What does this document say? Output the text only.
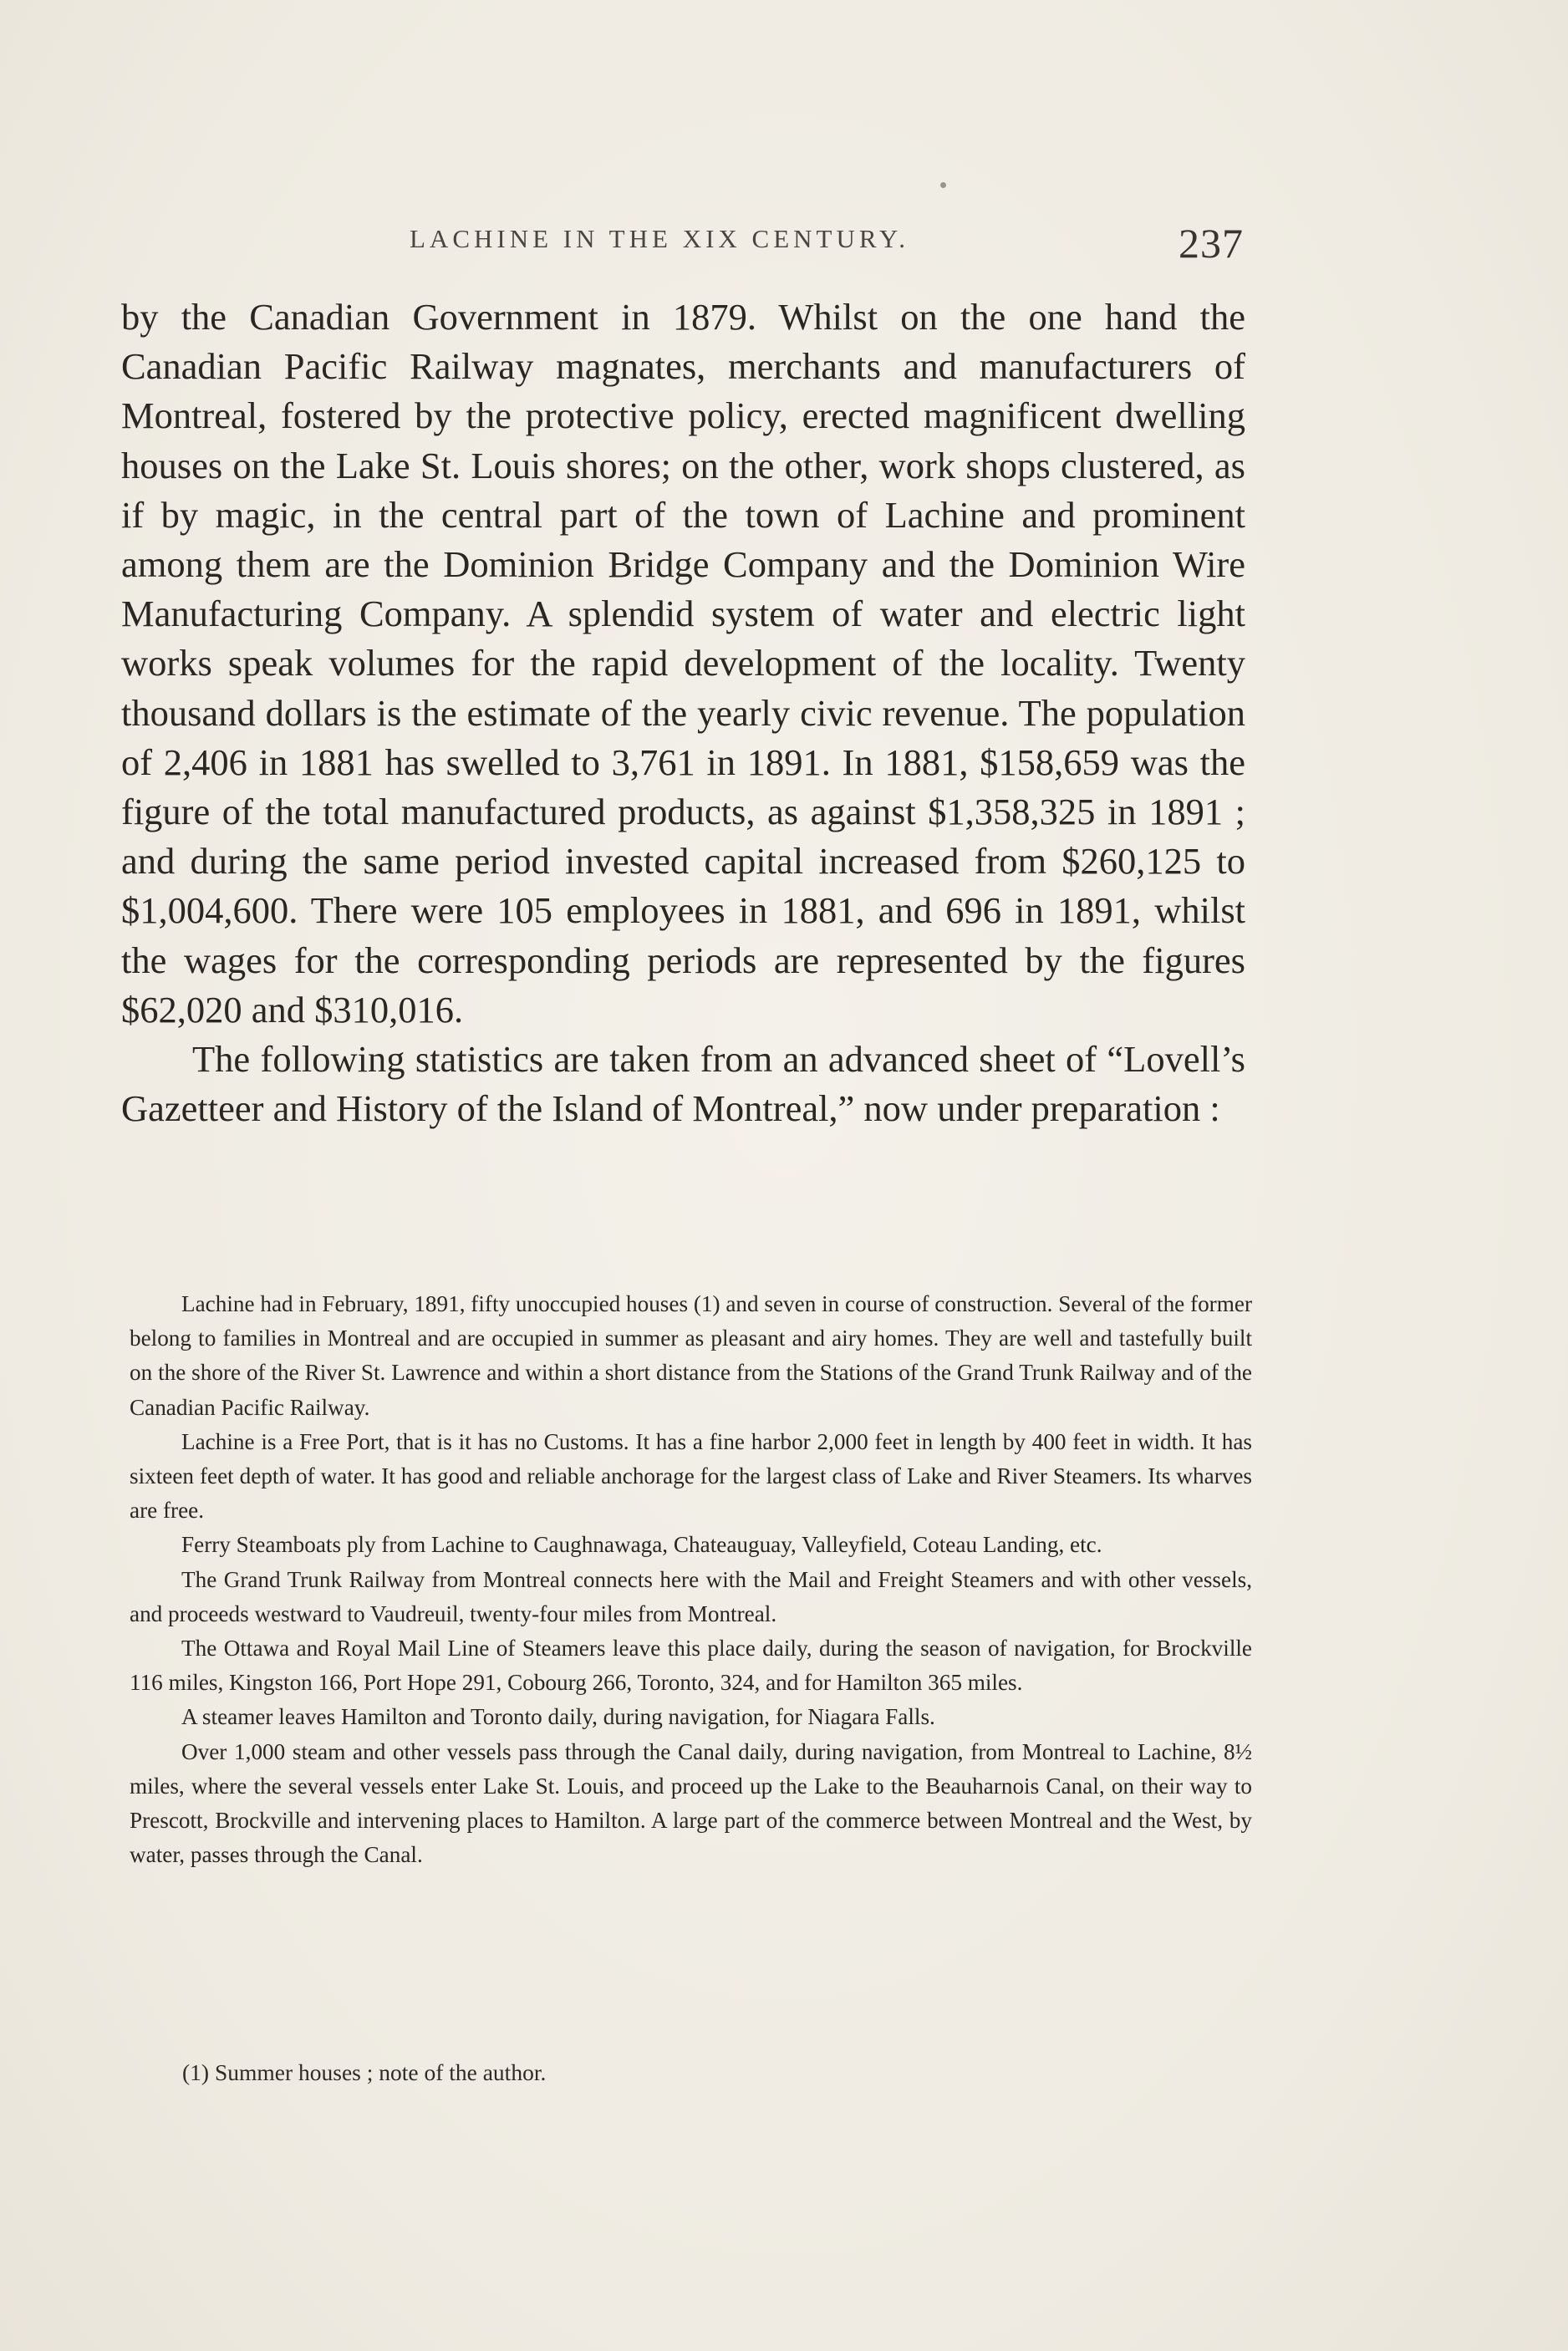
LACHINE IN THE XIX CENTURY.	237

by the Canadian Government in 1879. Whilst on the one hand the Canadian Pacific Railway magnates, merchants and manufacturers of Montreal, fostered by the protective policy, erected magnificent dwelling houses on the Lake St. Louis shores; on the other, work shops clustered, as if by magic, in the central part of the town of Lachine and prominent among them are the Dominion Bridge Company and the Dominion Wire Manufacturing Company. A splendid system of water and electric light works speak volumes for the rapid development of the locality. Twenty thousand dollars is the estimate of the yearly civic revenue. The population of 2,406 in 1881 has swelled to 3,761 in 1891. In 1881, $158,659 was the figure of the total manufactured products, as against $1,358,325 in 1891 ; and during the same period invested capital increased from $260,125 to $1,004,600. There were 105 employees in 1881, and 696 in 1891, whilst the wages for the corresponding periods are represented by the figures $62,020 and $310,016.

The following statistics are taken from an advanced sheet of “Lovell’s Gazetteer and History of the Island of Montreal,” now under preparation :

Lachine had in February, 1891, fifty unoccupied houses (1) and seven in course of construction. Several of the former belong to families in Montreal and are occupied in summer as pleasant and airy homes. They are well and tastefully built on the shore of the River St. Lawrence and within a short distance from the Stations of the Grand Trunk Railway and of the Canadian Pacific Railway.

Lachine is a Free Port, that is it has no Customs. It has a fine harbor 2,000 feet in length by 400 feet in width. It has sixteen feet depth of water. It has good and reliable anchorage for the largest class of Lake and River Steamers. Its wharves are free.

Ferry Steamboats ply from Lachine to Caughnawaga, Chateauguay, Valleyfield, Coteau Landing, etc.

The Grand Trunk Railway from Montreal connects here with the Mail and Freight Steamers and with other vessels, and proceeds westward to Vaudreuil, twenty-four miles from Montreal.

The Ottawa and Royal Mail Line of Steamers leave this place daily, during the season of navigation, for Brockville 116 miles, Kingston 166, Port Hope 291, Cobourg 266, Toronto, 324, and for Hamilton 365 miles.

A steamer leaves Hamilton and Toronto daily, during navigation, for Niagara Falls.

Over 1,000 steam and other vessels pass through the Canal daily, during navigation, from Montreal to Lachine, 8½ miles, where the several vessels enter Lake St. Louis, and proceed up the Lake to the Beauharnois Canal, on their way to Prescott, Brockville and intervening places to Hamilton. A large part of the commerce between Montreal and the West, by water, passes through the Canal.

(1) Summer houses ; note of the author.
